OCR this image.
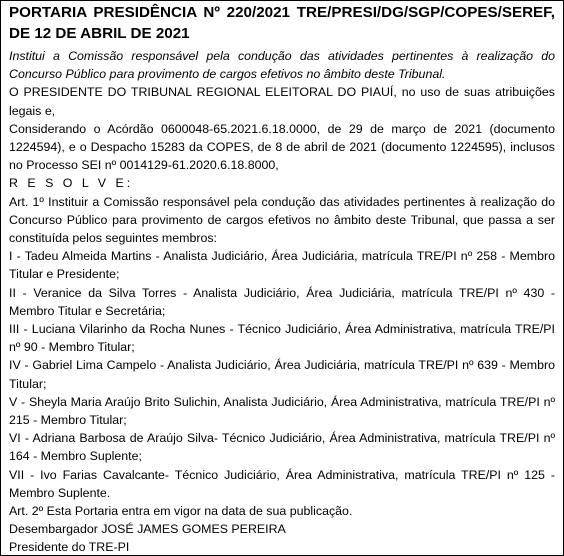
PORTARIA PRESIDÊNCIA Nº 220/2021 TRE/PRESI/DG/SGP/COPES/SEREF,
DE 12 DE ABRIL DE 2021

Institui a Comissão responsável pela condução das atividades pertinentes à realização do Concurso Público para provimento de cargos efetivos no âmbito deste Tribunal.

O PRESIDENTE DO TRIBUNAL REGIONAL ELEITORAL DO PIAUÍ, no uso de suas atribuições legais e,

Considerando o Acórdão 0600048-65.2021.6.18.0000, de 29 de março de 2021 (documento 1224594), e o Despacho 15283 da COPES, de 8 de abril de 2021 (documento 1224595), inclusos no Processo SEI nº 0014129-61.2020.6.18.8000,

R E S O L V E:

Art. 1º Instituir a Comissão responsável pela condução das atividades pertinentes à realização do Concurso Público para provimento de cargos efetivos no âmbito deste Tribunal, que passa a ser constituída pelos seguintes membros:

I - Tadeu Almeida Martins - Analista Judiciário, Área Judiciária, matrícula TRE/PI nº 258 - Membro Titular e Presidente;

II - Veranice da Silva Torres - Analista Judiciário, Área Judiciária, matrícula TRE/PI nº 430 - Membro Titular e Secretária;

III - Luciana Vilarinho da Rocha Nunes - Técnico Judiciário, Área Administrativa, matrícula TRE/PI nº 90 - Membro Titular;

IV - Gabriel Lima Campelo - Analista Judiciário, Área Judiciária, matrícula TRE/PI nº 639 - Membro Titular;

V - Sheyla Maria Araújo Brito Sulichin, Analista Judiciário, Área Administrativa, matrícula TRE/PI nº 215 - Membro Titular;

VI - Adriana Barbosa de Araújo Silva- Técnico Judiciário, Área Administrativa, matrícula TRE/PI nº 164 - Membro Suplente;

VII - Ivo Farias Cavalcante- Técnico Judiciário, Área Administrativa, matrícula TRE/PI nº 125 - Membro Suplente.

Art. 2º Esta Portaria entra em vigor na data de sua publicação.

Desembargador JOSÉ JAMES GOMES PEREIRA

Presidente do TRE-PI
